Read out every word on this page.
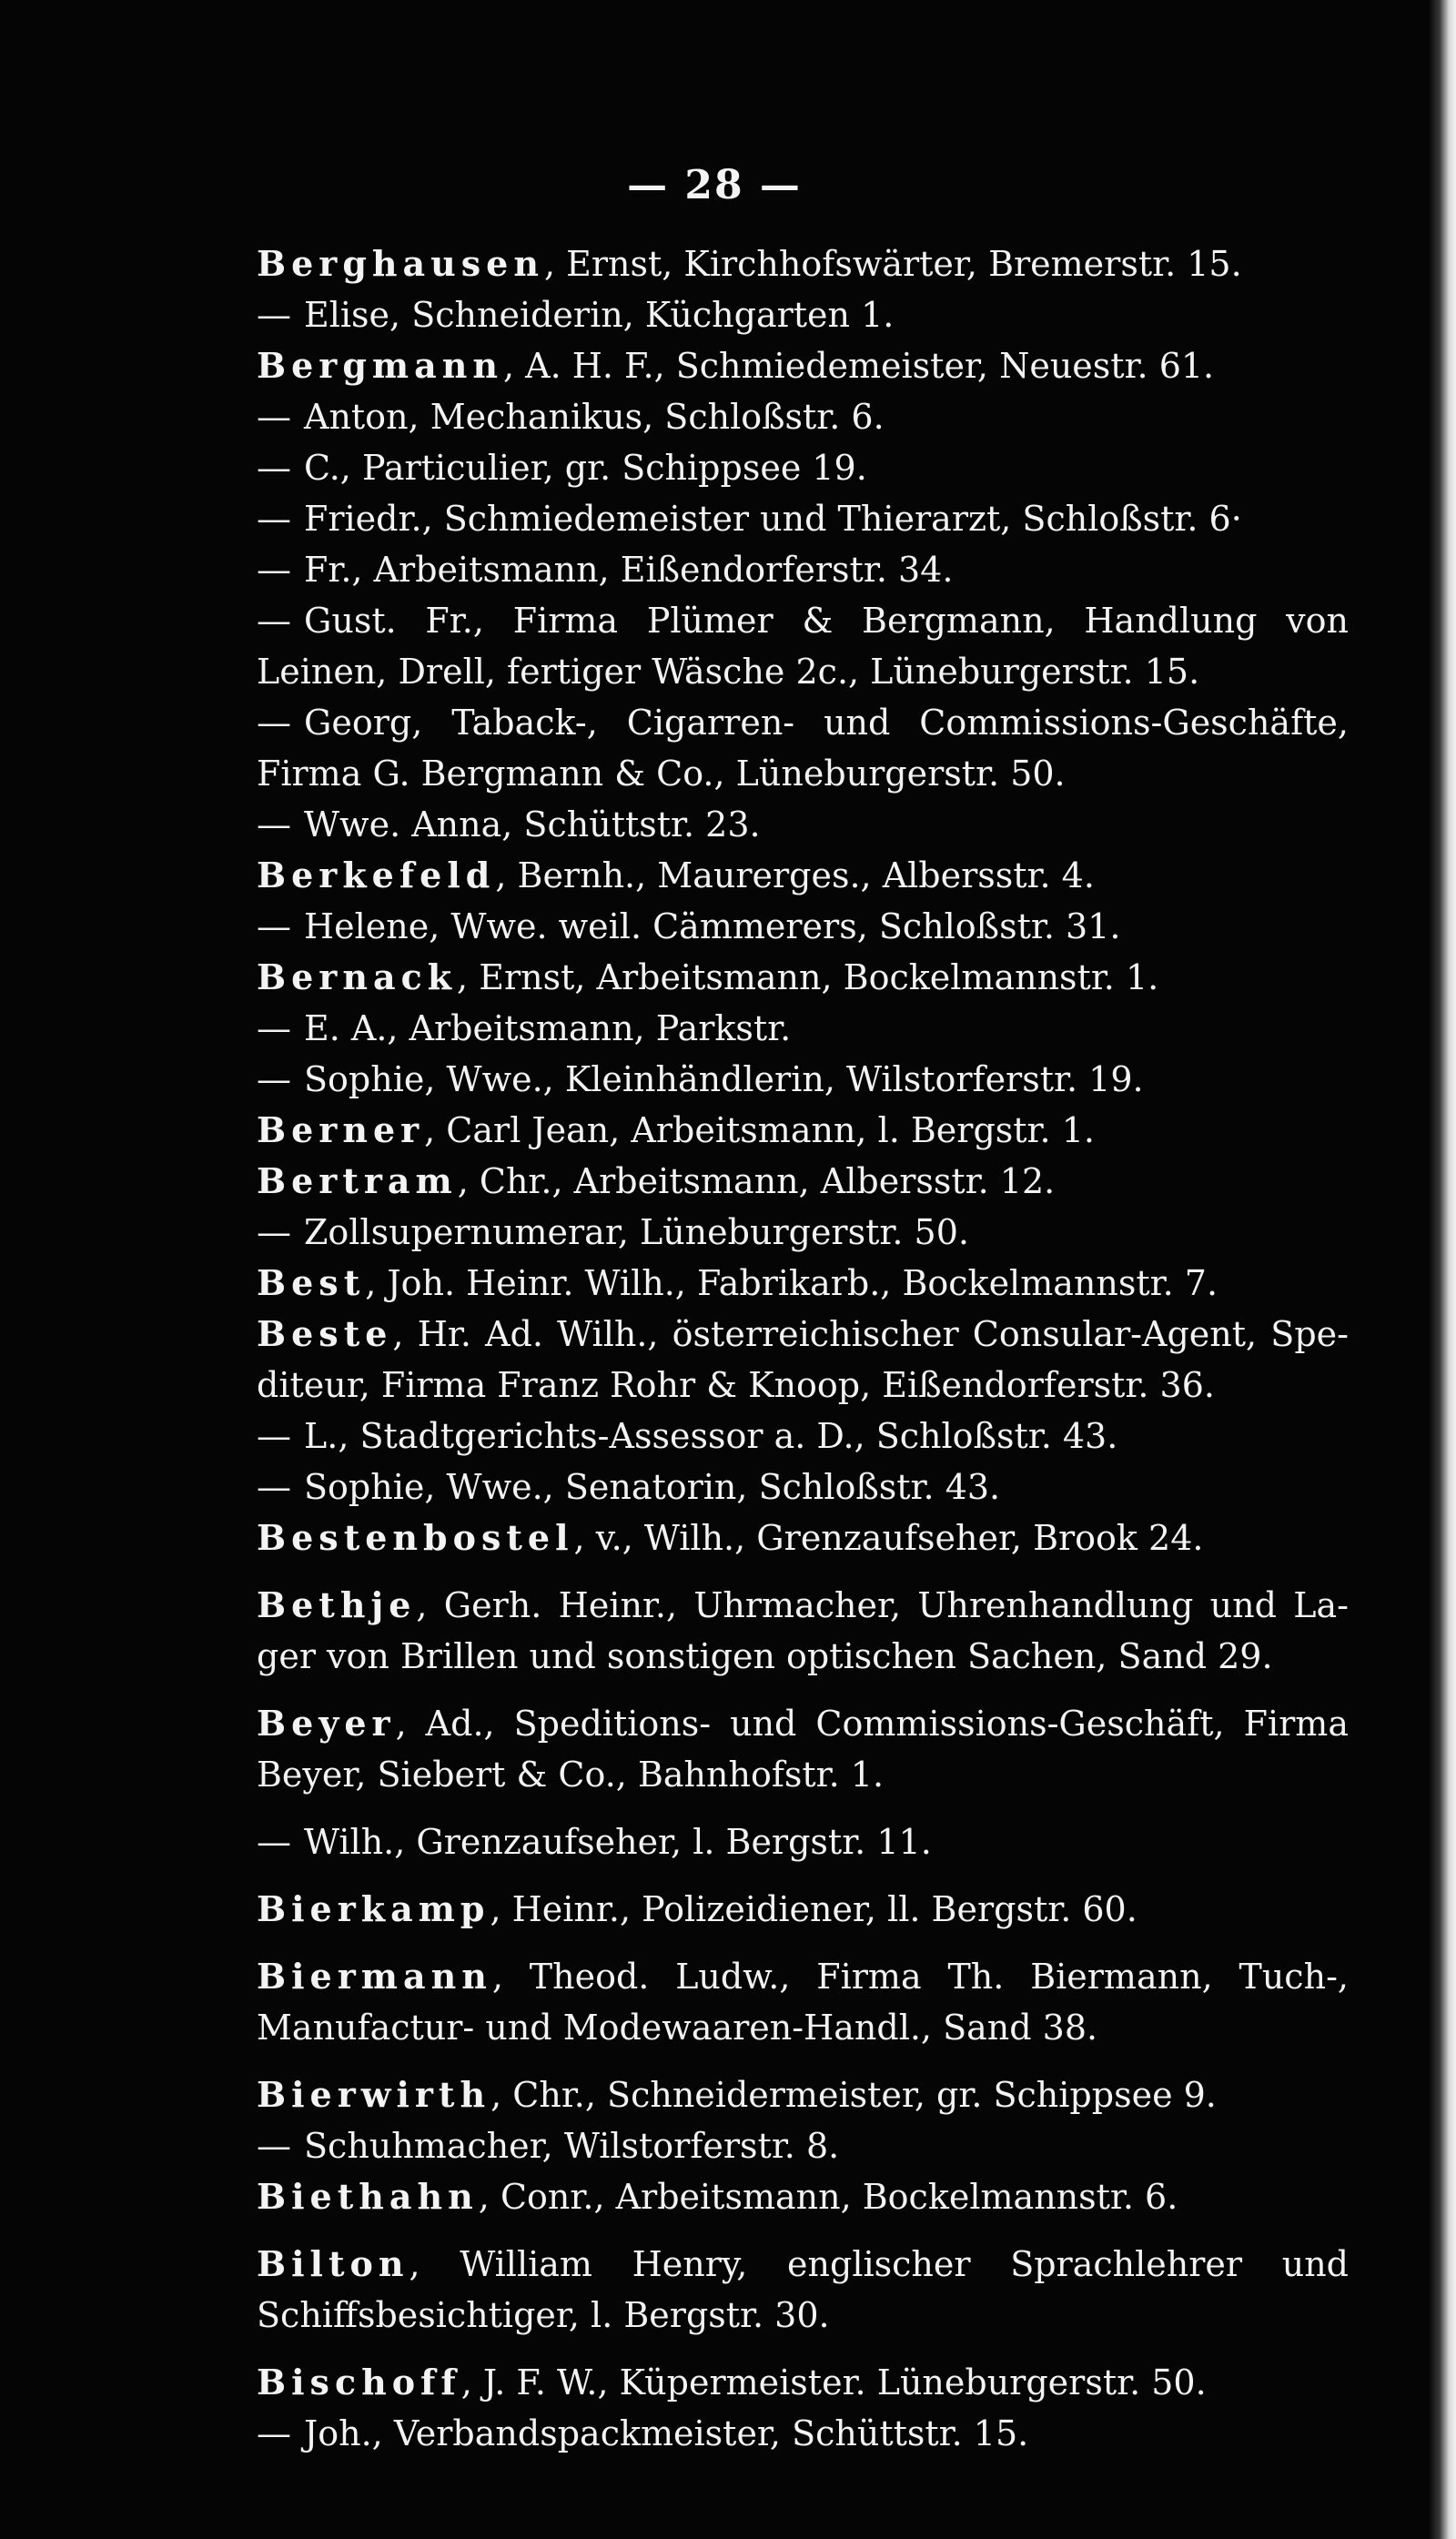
— 28 —
Berghausen, Ernst, Kirchhofswärter, Bremerstr. 15.
— Elise, Schneiderin, Küchgarten 1.
Bergmann, A. H. F., Schmiedemeister, Neuestr. 61.
— Anton, Mechanikus, Schloßstr. 6.
— C., Particulier, gr. Schippsee 19.
— Friedr., Schmiedemeister und Thierarzt, Schloßstr. 6·
— Fr., Arbeitsmann, Eißendorferstr. 34.
— Gust. Fr., Firma Plümer & Bergmann, Handlung von
Leinen, Drell, fertiger Wäsche 2c., Lüneburgerstr. 15.
— Georg, Taback-, Cigarren- und Commissions-Geschäfte,
Firma G. Bergmann & Co., Lüneburgerstr. 50.
— Wwe. Anna, Schüttstr. 23.
Berkefeld, Bernh., Maurerges., Albersstr. 4.
— Helene, Wwe. weil. Cämmerers, Schloßstr. 31.
Bernack, Ernst, Arbeitsmann, Bockelmannstr. 1.
— E. A., Arbeitsmann, Parkstr.
— Sophie, Wwe., Kleinhändlerin, Wilstorferstr. 19.
Berner, Carl Jean, Arbeitsmann, l. Bergstr. 1.
Bertram, Chr., Arbeitsmann, Albersstr. 12.
— Zollsupernumerar, Lüneburgerstr. 50.
Best, Joh. Heinr. Wilh., Fabrikarb., Bockelmannstr. 7.
Beste, Hr. Ad. Wilh., österreichischer Consular-Agent, Spe-
diteur, Firma Franz Rohr & Knoop, Eißendorferstr. 36.
— L., Stadtgerichts-Assessor a. D., Schloßstr. 43.
— Sophie, Wwe., Senatorin, Schloßstr. 43.
Bestenbostel, v., Wilh., Grenzaufseher, Brook 24.
Bethje, Gerh. Heinr., Uhrmacher, Uhrenhandlung und La-
ger von Brillen und sonstigen optischen Sachen, Sand 29.
Beyer, Ad., Speditions- und Commissions-Geschäft, Firma
Beyer, Siebert & Co., Bahnhofstr. 1.
— Wilh., Grenzaufseher, l. Bergstr. 11.
Bierkamp, Heinr., Polizeidiener, ll. Bergstr. 60.
Biermann, Theod. Ludw., Firma Th. Biermann, Tuch-,
Manufactur- und Modewaaren-Handl., Sand 38.
Bierwirth, Chr., Schneidermeister, gr. Schippsee 9.
— Schuhmacher, Wilstorferstr. 8.
Biethahn, Conr., Arbeitsmann, Bockelmannstr. 6.
Bilton, William Henry, englischer Sprachlehrer und
Schiffsbesichtiger, l. Bergstr. 30.
Bischoff, J. F. W., Küpermeister. Lüneburgerstr. 50.
— Joh., Verbandspackmeister, Schüttstr. 15.
